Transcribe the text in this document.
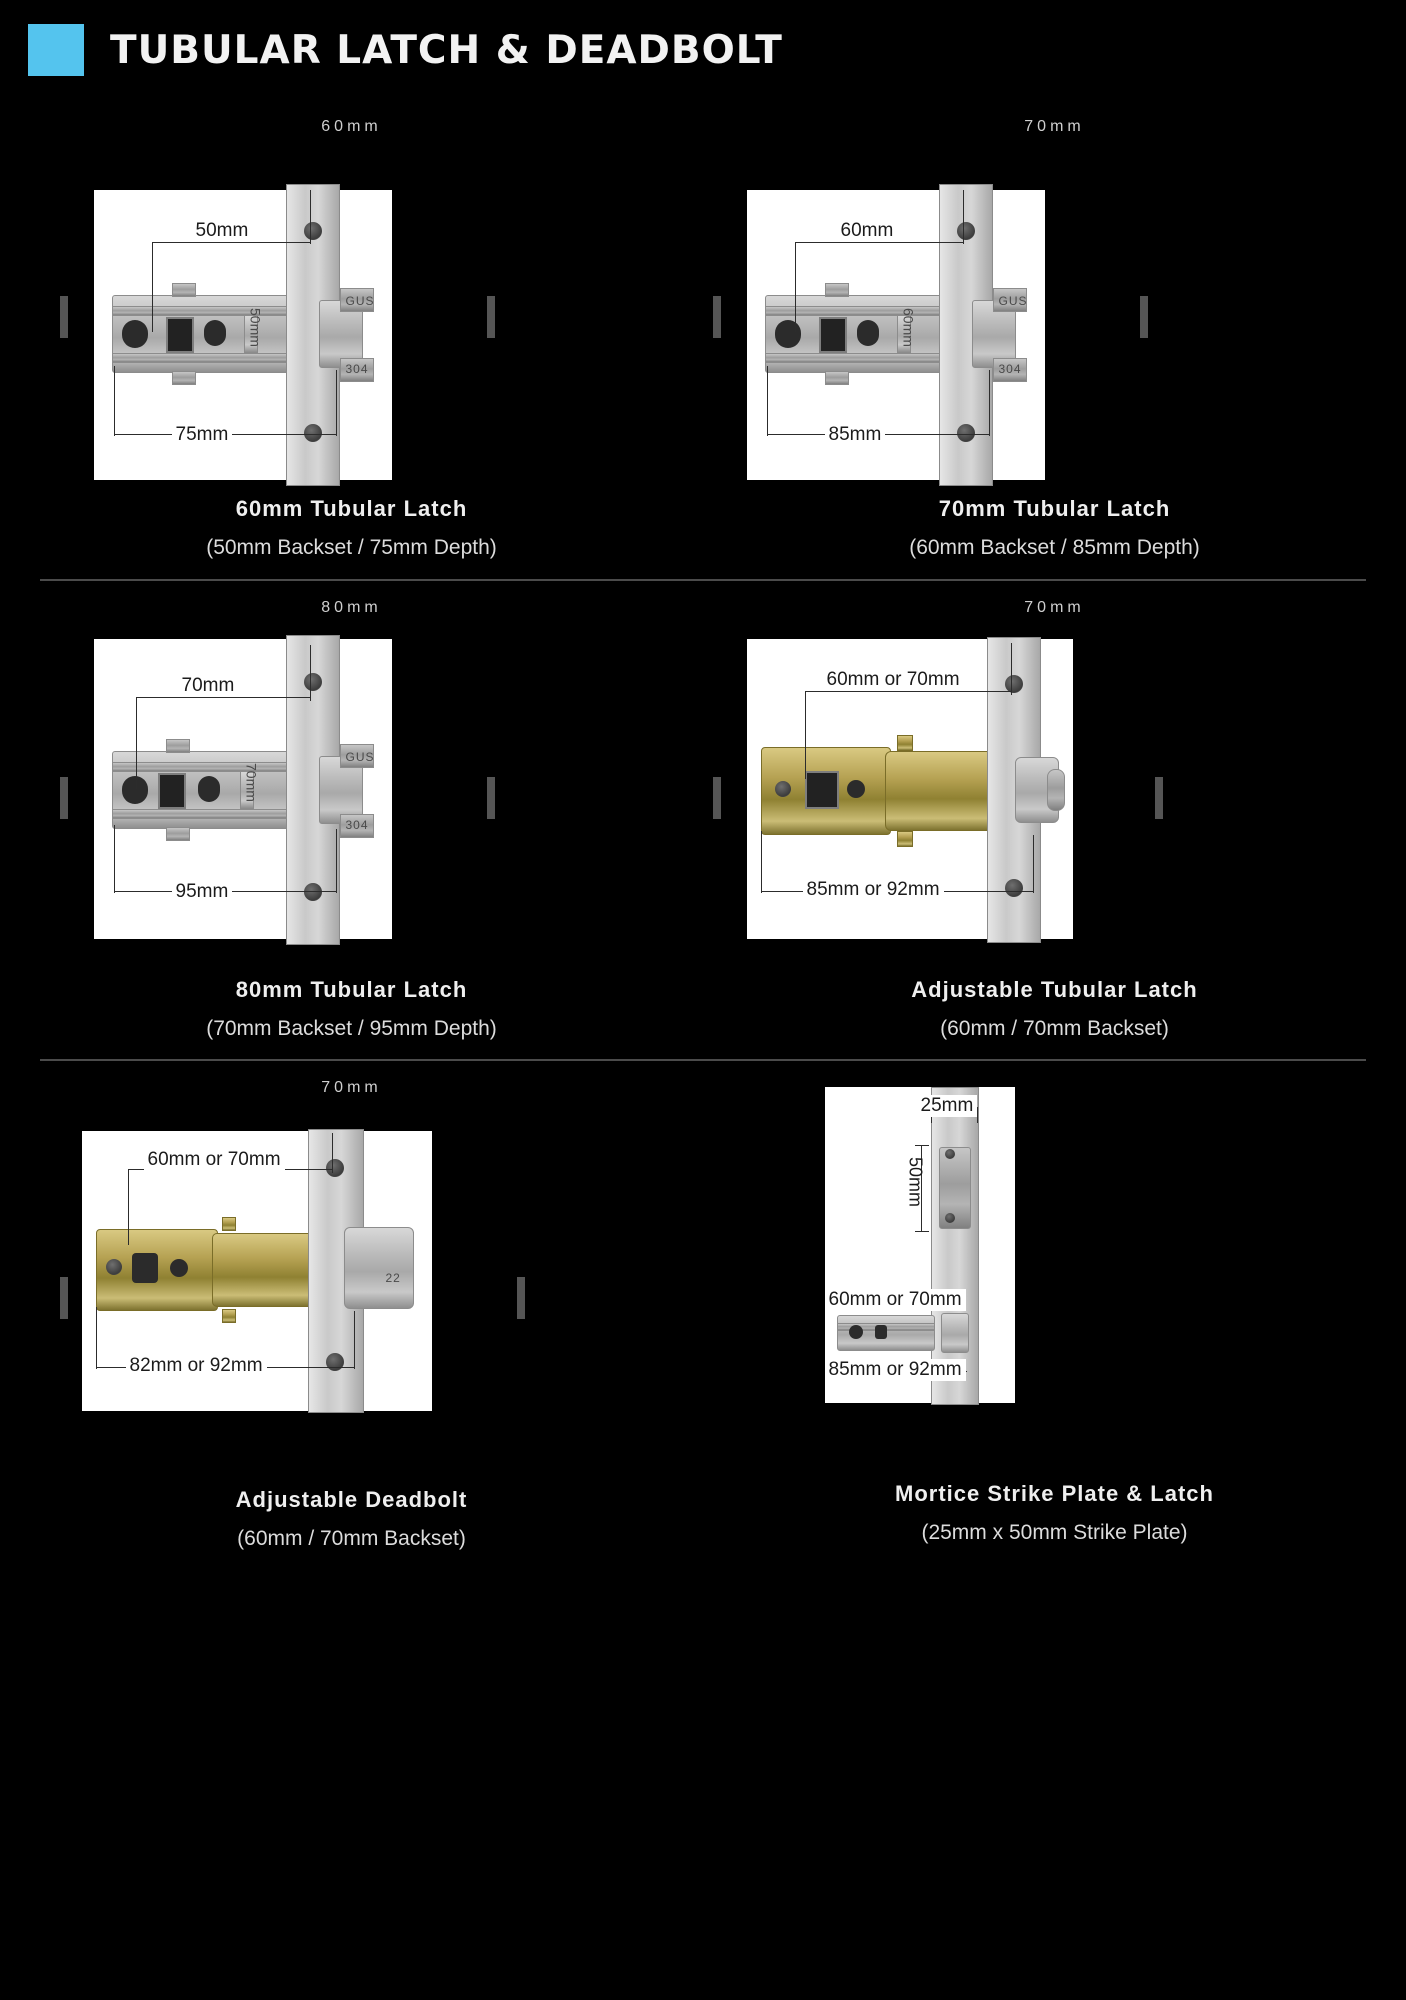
TUBULAR LATCH & DEADBOLT
60mm
50mm
GUS
304
50mm
75mm
60mm Tubular Latch
(50mm Backset / 75mm Depth)
70mm
60mm
GUS
304
60mm
85mm
70mm Tubular Latch
(60mm Backset / 85mm Depth)
80mm
70mm
GUS
304
70mm
95mm
80mm Tubular Latch
(70mm Backset / 95mm Depth)
70mm
60mm or 70mm
85mm or 92mm
Adjustable Tubular Latch
(60mm / 70mm Backset)
70mm
22
60mm or 70mm
82mm or 92mm
Adjustable Deadbolt
(60mm / 70mm Backset)
25mm
50mm
60mm or 70mm
85mm or 92mm
Mortice Strike Plate & Latch
(25mm x 50mm Strike Plate)
